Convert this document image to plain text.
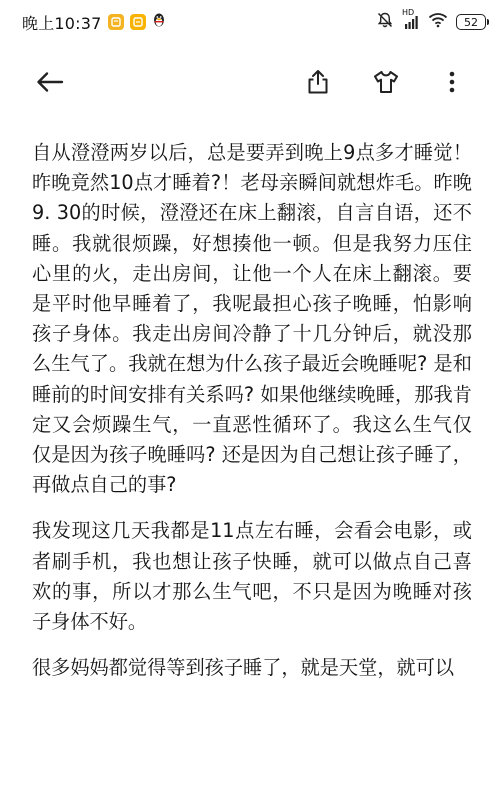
晚上10:37
HD
52

自从澄澄两岁以后，总是要弄到晚上9点多才睡觉！昨晚竟然10点才睡着?！老母亲瞬间就想炸毛。昨晚9. 30的时候，澄澄还在床上翻滚，自言自语，还不睡。我就很烦躁，好想揍他一顿。但是我努力压住心里的火，走出房间，让他一个人在床上翻滚。要是平时他早睡着了，我呢最担心孩子晚睡，怕影响孩子身体。我走出房间冷静了十几分钟后，就没那么生气了。我就在想为什么孩子最近会晚睡呢? 是和睡前的时间安排有关系吗? 如果他继续晚睡，那我肯定又会烦躁生气，一直恶性循环了。我这么生气仅仅是因为孩子晚睡吗? 还是因为自己想让孩子睡了，再做点自己的事?

我发现这几天我都是11点左右睡，会看会电影，或者刷手机，我也想让孩子快睡，就可以做点自己喜欢的事，所以才那么生气吧，不只是因为晚睡对孩子身体不好。

很多妈妈都觉得等到孩子睡了，就是天堂，就可以
